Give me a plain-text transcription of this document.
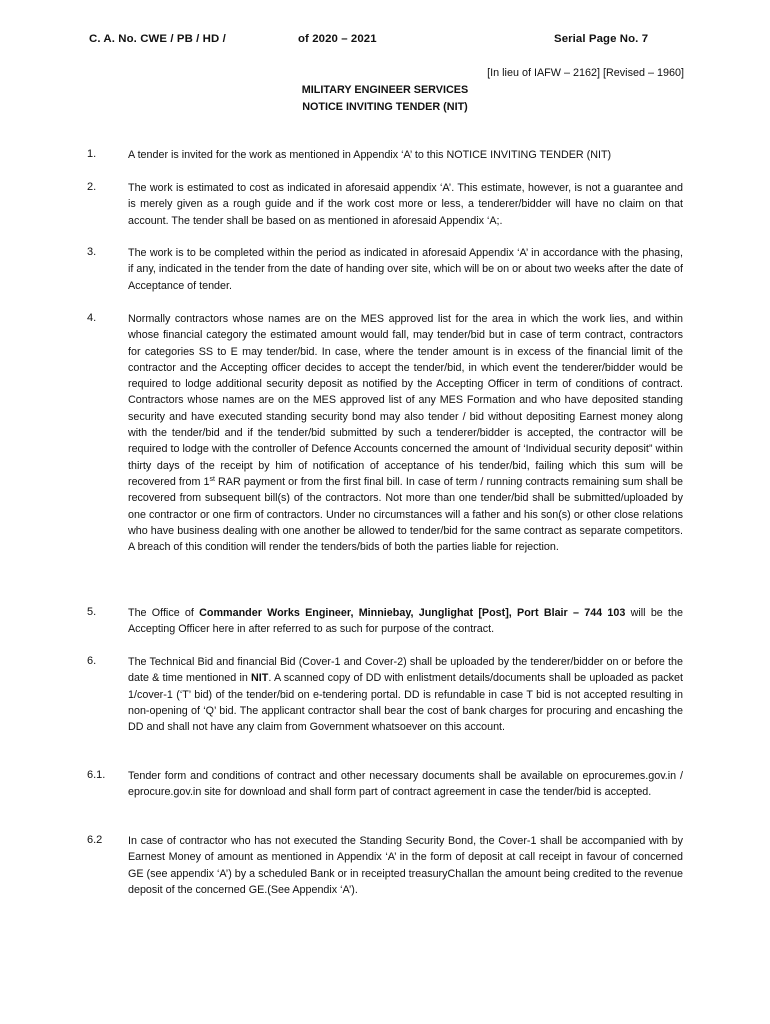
C. A. No. CWE / PB / HD /	of 2020 – 2021	Serial Page No. 7
[In lieu of IAFW – 2162] [Revised – 1960]
MILITARY ENGINEER SERVICES
NOTICE INVITING TENDER (NIT)
1.	A tender is invited for the work as mentioned in Appendix ‘A’ to this NOTICE INVITING TENDER (NIT)
2.	The work is estimated to cost as indicated in aforesaid appendix ‘A’. This estimate, however, is not a guarantee and is merely given as a rough guide and if the work cost more or less, a tenderer/bidder will have no claim on that account. The tender shall be based on as mentioned in aforesaid Appendix ‘A;.
3.	The work is to be completed within the period as indicated in aforesaid Appendix ‘A’ in accordance with the phasing, if any, indicated in the tender from the date of handing over site, which will be on or about two weeks after the date of Acceptance of tender.
4.	Normally contractors whose names are on the MES approved list for the area in which the work lies, and within whose financial category the estimated amount would fall, may tender/bid but in case of term contract, contractors for categories SS to E may tender/bid. In case, where the tender amount is in excess of the financial limit of the contractor and the Accepting officer decides to accept the tender/bid, in which event the tenderer/bidder would be required to lodge additional security deposit as notified by the Accepting Officer in term of conditions of contract. Contractors whose names are on the MES approved list of any MES Formation and who have deposited standing security and have executed standing security bond may also tender / bid without depositing Earnest money along with the tender/bid and if the tender/bid submitted by such a tenderer/bidder is accepted, the contractor will be required to lodge with the controller of Defence Accounts concerned the amount of ‘Individual security deposit” within thirty days of the receipt by him of notification of acceptance of his tender/bid, failing which this sum will be recovered from 1st RAR payment or from the first final bill. In case of term / running contracts remaining sum shall be recovered from subsequent bill(s) of the contractors. Not more than one tender/bid shall be submitted/uploaded by one contractor or one firm of contractors. Under no circumstances will a father and his son(s) or other close relations who have business dealing with one another be allowed to tender/bid for the same contract as separate competitors. A breach of this condition will render the tenders/bids of both the parties liable for rejection.
5.	The Office of Commander Works Engineer, Minniebay, Junglighat [Post], Port Blair – 744 103 will be the Accepting Officer here in after referred to as such for purpose of the contract.
6.	The Technical Bid and financial Bid (Cover-1 and Cover-2) shall be uploaded by the tenderer/bidder on or before the date & time mentioned in NIT. A scanned copy of DD with enlistment details/documents shall be uploaded as packet 1/cover-1 (‘T’ bid) of the tender/bid on e-tendering portal. DD is refundable in case T bid is not accepted resulting in non-opening of ‘Q’ bid. The applicant contractor shall bear the cost of bank charges for procuring and encashing the DD and shall not have any claim from Government whatsoever on this account.
6.1. Tender form and conditions of contract and other necessary documents shall be available on eprocuremes.gov.in / eprocure.gov.in site for download and shall form part of contract agreement in case the tender/bid is accepted.
6.2 In case of contractor who has not executed the Standing Security Bond, the Cover-1 shall be accompanied with by Earnest Money of amount as mentioned in Appendix ‘A’ in the form of deposit at call receipt in favour of concerned GE (see appendix ‘A’) by a scheduled Bank or in receipted treasuryChallan the amount being credited to the revenue deposit of the concerned GE.(See Appendix ‘A’).
